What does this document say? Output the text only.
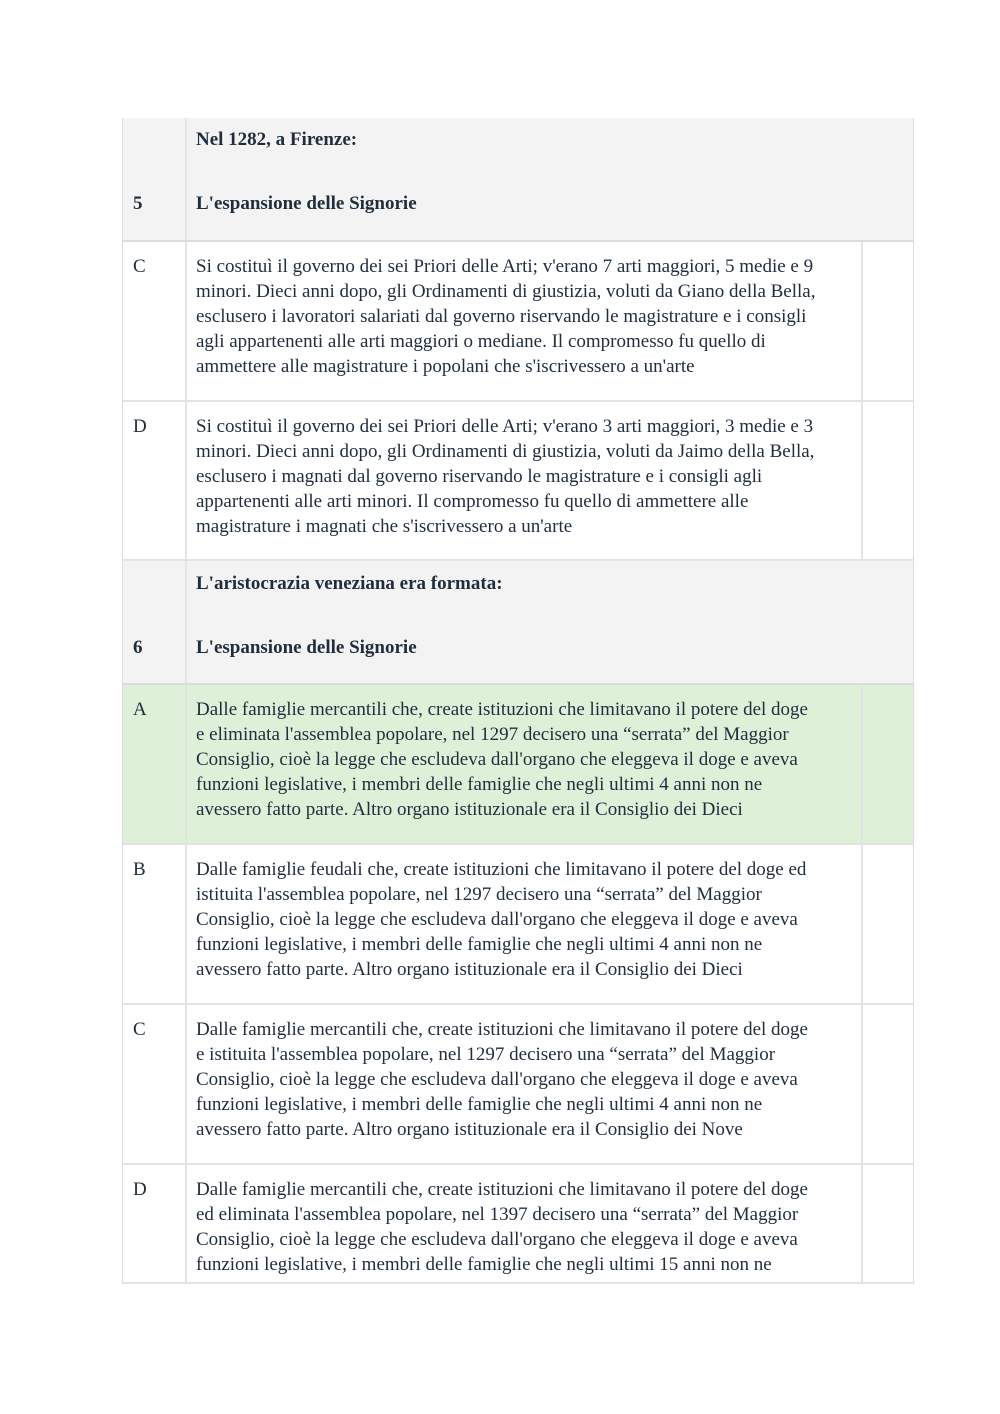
5
Nel 1282, a Firenze:
L'espansione delle Signorie
C	Si costituì il governo dei sei Priori delle Arti; v'erano 7 arti maggiori, 5 medie e 9
minori. Dieci anni dopo, gli Ordinamenti di giustizia, voluti da Giano della Bella,
esclusero i lavoratori salariati dal governo riservando le magistrature e i consigli
agli appartenenti alle arti maggiori o mediane. Il compromesso fu quello di
ammettere alle magistrature i popolani che s'iscrivessero a un'arte
D	Si costituì il governo dei sei Priori delle Arti; v'erano 3 arti maggiori, 3 medie e 3
minori. Dieci anni dopo, gli Ordinamenti di giustizia, voluti da Jaimo della Bella,
esclusero i magnati dal governo riservando le magistrature e i consigli agli
appartenenti alle arti minori. Il compromesso fu quello di ammettere alle
magistrature i magnati che s'iscrivessero a un'arte
6
L'aristocrazia veneziana era formata:
L'espansione delle Signorie
A	Dalle famiglie mercantili che, create istituzioni che limitavano il potere del doge
e eliminata l'assemblea popolare, nel 1297 decisero una “serrata” del Maggior
Consiglio, cioè la legge che escludeva dall'organo che eleggeva il doge e aveva
funzioni legislative, i membri delle famiglie che negli ultimi 4 anni non ne
avessero fatto parte. Altro organo istituzionale era il Consiglio dei Dieci
B	Dalle famiglie feudali che, create istituzioni che limitavano il potere del doge ed
istituita l'assemblea popolare, nel 1297 decisero una “serrata” del Maggior
Consiglio, cioè la legge che escludeva dall'organo che eleggeva il doge e aveva
funzioni legislative, i membri delle famiglie che negli ultimi 4 anni non ne
avessero fatto parte. Altro organo istituzionale era il Consiglio dei Dieci
C	Dalle famiglie mercantili che, create istituzioni che limitavano il potere del doge
e istituita l'assemblea popolare, nel 1297 decisero una “serrata” del Maggior
Consiglio, cioè la legge che escludeva dall'organo che eleggeva il doge e aveva
funzioni legislative, i membri delle famiglie che negli ultimi 4 anni non ne
avessero fatto parte. Altro organo istituzionale era il Consiglio dei Nove
D	Dalle famiglie mercantili che, create istituzioni che limitavano il potere del doge
ed eliminata l'assemblea popolare, nel 1397 decisero una “serrata” del Maggior
Consiglio, cioè la legge che escludeva dall'organo che eleggeva il doge e aveva
funzioni legislative, i membri delle famiglie che negli ultimi 15 anni non ne
